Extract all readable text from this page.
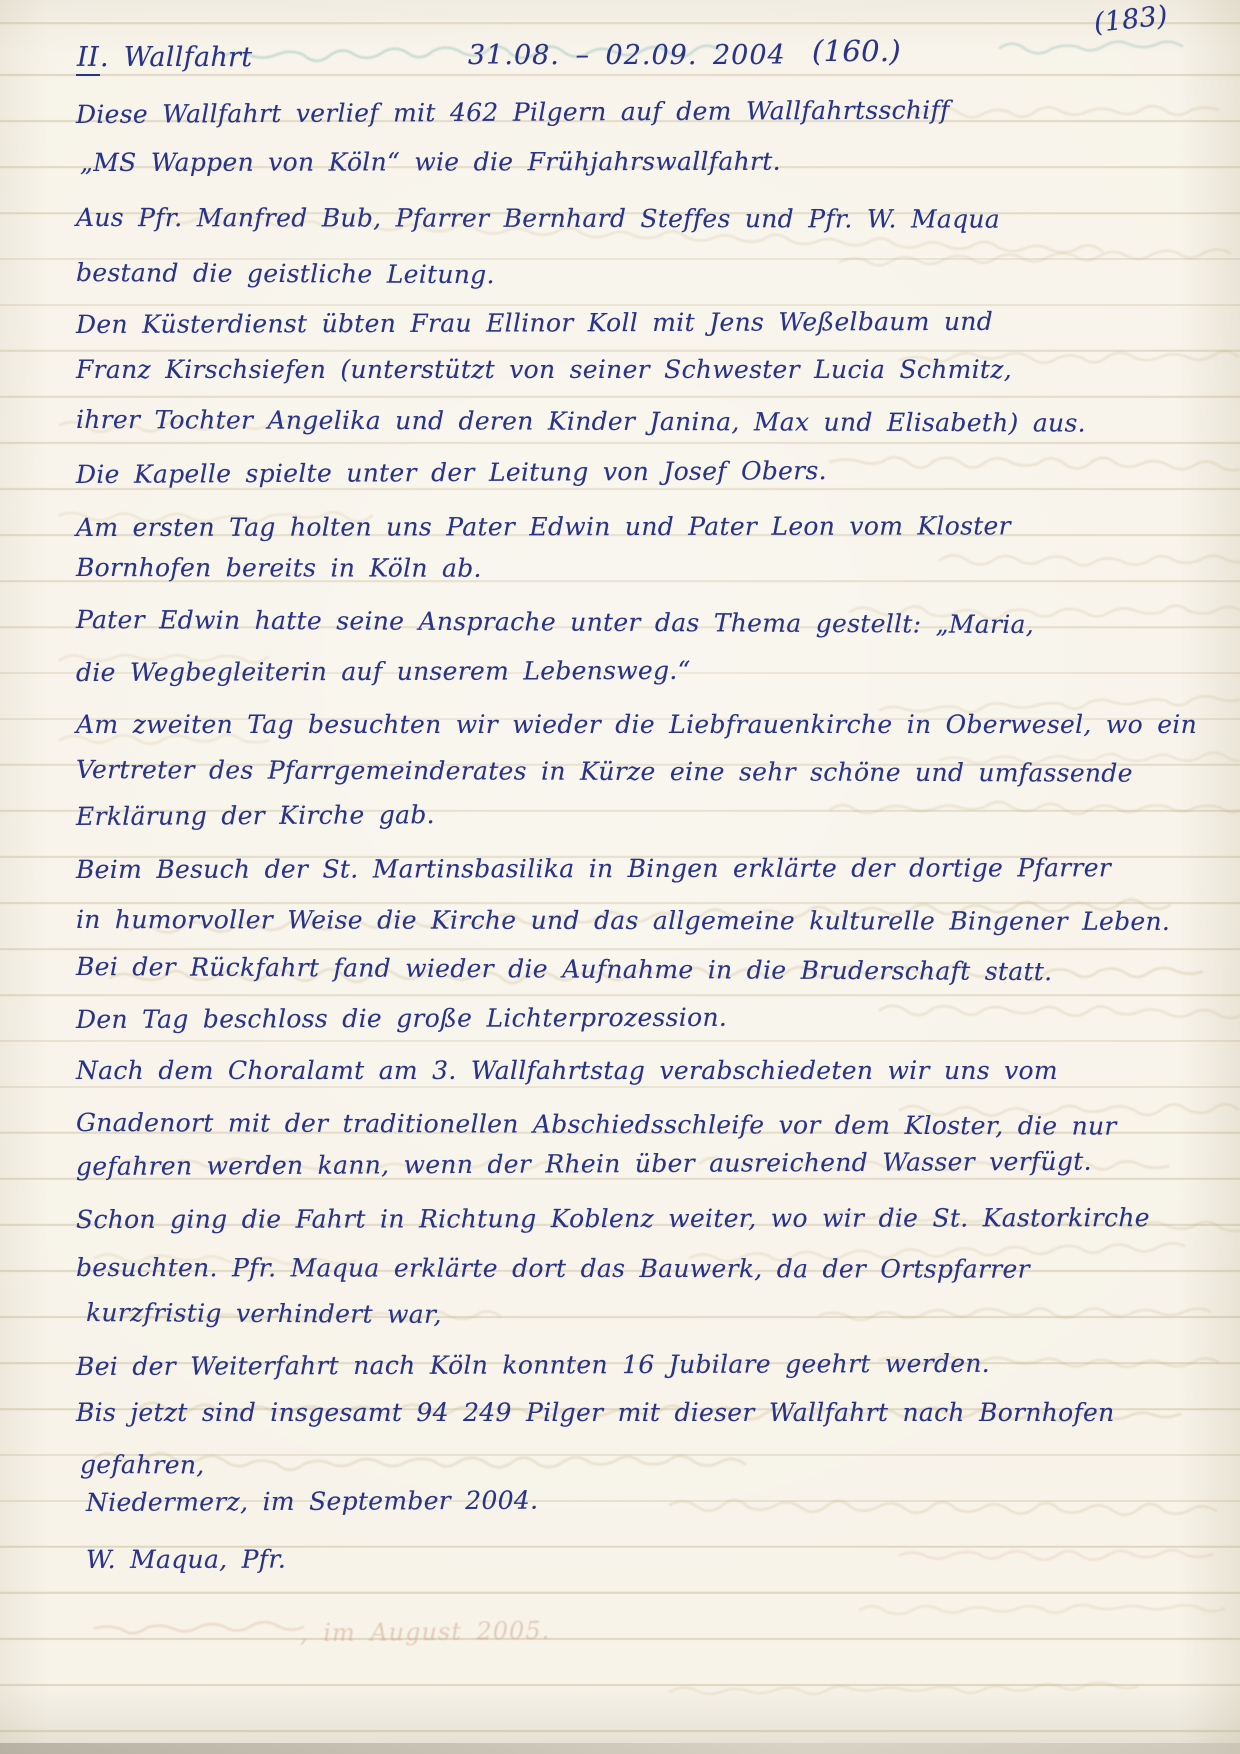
, im August 2005.
(183)
II. Wallfahrt	31.08. – 02.09. 2004 (160.)
Diese Wallfahrt verlief mit 462 Pilgern auf dem Wallfahrtsschiff
„MS Wappen von Köln“ wie die Frühjahrswallfahrt.
Aus Pfr. Manfred Bub, Pfarrer Bernhard Steffes und Pfr. W. Maqua
bestand die geistliche Leitung.
Den Küsterdienst übten Frau Ellinor Koll mit Jens Weßelbaum und
Franz Kirschsiefen (unterstützt von seiner Schwester Lucia Schmitz,
ihrer Tochter Angelika und deren Kinder Janina, Max und Elisabeth) aus.
Die Kapelle spielte unter der Leitung von Josef Obers.
Am ersten Tag holten uns Pater Edwin und Pater Leon vom Kloster
Bornhofen bereits in Köln ab.
Pater Edwin hatte seine Ansprache unter das Thema gestellt: „Maria,
die Wegbegleiterin auf unserem Lebensweg.“
Am zweiten Tag besuchten wir wieder die Liebfrauenkirche in Oberwesel, wo ein
Vertreter des Pfarrgemeinderates in Kürze eine sehr schöne und umfassende
Erklärung der Kirche gab.
Beim Besuch der St. Martinsbasilika in Bingen erklärte der dortige Pfarrer
in humorvoller Weise die Kirche und das allgemeine kulturelle Bingener Leben.
Bei der Rückfahrt fand wieder die Aufnahme in die Bruderschaft statt.
Den Tag beschloss die große Lichterprozession.
Nach dem Choralamt am 3. Wallfahrtstag verabschiedeten wir uns vom
Gnadenort mit der traditionellen Abschiedsschleife vor dem Kloster, die nur
gefahren werden kann, wenn der Rhein über ausreichend Wasser verfügt.
Schon ging die Fahrt in Richtung Koblenz weiter, wo wir die St. Kastorkirche
besuchten. Pfr. Maqua erklärte dort das Bauwerk, da der Ortspfarrer
kurzfristig verhindert war,
Bei der Weiterfahrt nach Köln konnten 16 Jubilare geehrt werden.
Bis jetzt sind insgesamt 94 249 Pilger mit dieser Wallfahrt nach Bornhofen
gefahren,
Niedermerz, im September 2004.
W. Maqua, Pfr.
